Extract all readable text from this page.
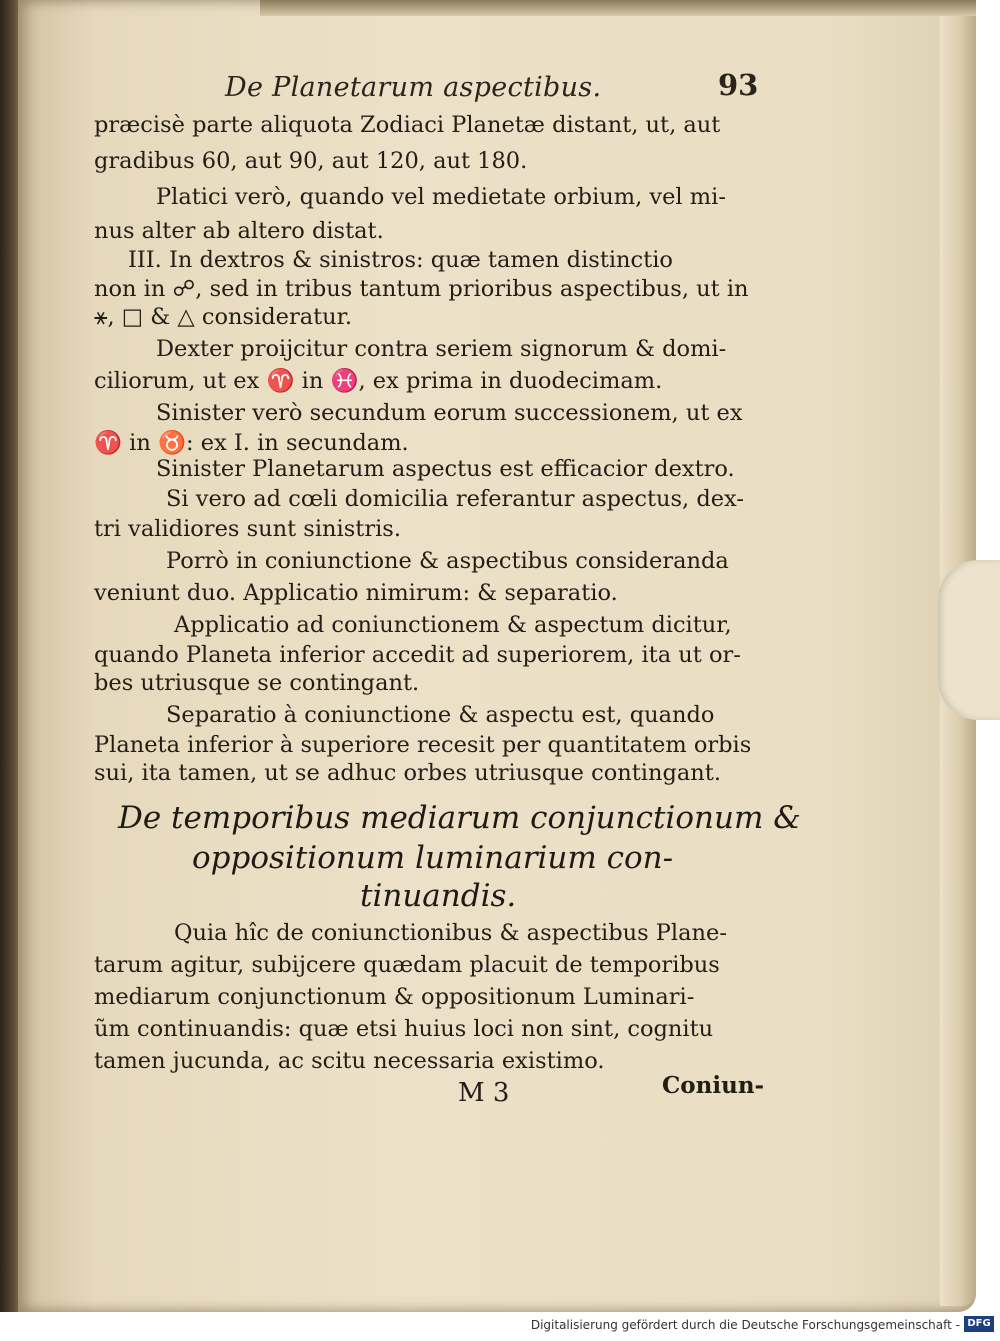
De Planetarum aspectibus.	93
præcisè parte aliquota Zodiaci Planetæ distant, ut, aut
gradibus 60, aut 90, aut 120, aut 180.
Platici verò, quando vel medietate orbium, vel mi-
nus alter ab altero distat.
III. In dextros & sinistros: quæ tamen distinctio
non in ☍, sed in tribus tantum prioribus aspectibus, ut in
⚹, □ & △ consideratur.
Dexter proijcitur contra seriem signorum & domi-
ciliorum, ut ex ♈ in ♓, ex prima in duodecimam.
Sinister verò secundum eorum successionem, ut ex
♈ in ♉: ex I. in secundam.
Sinister Planetarum aspectus est efficacior dextro.
Si vero ad cœli domicilia referantur aspectus, dex-
tri validiores sunt sinistris.
Porrò in coniunctione & aspectibus consideranda
veniunt duo. Applicatio nimirum: & separatio.
Applicatio ad coniunctionem & aspectum dicitur,
quando Planeta inferior accedit ad superiorem, ita ut or-
bes utriusque se contingant.
Separatio à coniunctione & aspectu est, quando
Planeta inferior à superiore recesit per quantitatem orbis
sui, ita tamen, ut se adhuc orbes utriusque contingant.
De temporibus mediarum conjunctionum &
oppositionum luminarium con-
tinuandis.
Quia hîc de coniunctionibus & aspectibus Plane-
tarum agitur, subijcere quædam placuit de temporibus
mediarum conjunctionum & oppositionum Luminari-
ũm continuandis: quæ etsi huius loci non sint, cognitu
tamen jucunda, ac scitu necessaria existimo.
M 3	Coniun-
Digitalisierung gefördert durch die Deutsche Forschungsgemeinschaft - DFG
